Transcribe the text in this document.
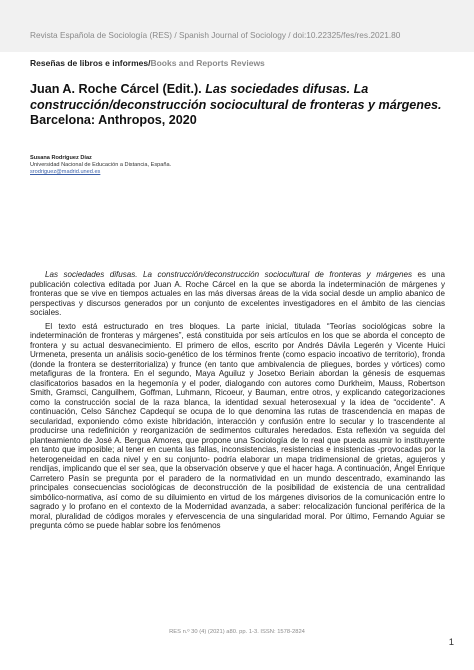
Revista Española de Sociología (RES) / Spanish Journal of Sociology / doi:10.22325/fes/res.2021.80
Reseñas de libros e informes/Books and Reports Reviews
Juan A. Roche Cárcel (Edit.). Las sociedades difusas. La construcción/deconstrucción sociocultural de fronteras y márgenes. Barcelona: Anthropos, 2020
Susana Rodríguez Díaz
Universidad Nacional de Educación a Distancia, España.
srodriguez@madrid.uned.es

Las sociedades difusas. La construcción/deconstrucción sociocultural de fronteras y márgenes es una publicación colectiva editada por Juan A. Roche Cárcel en la que se aborda la indeterminación de márgenes y fronteras que se vive en tiempos actuales en las más diversas áreas de la vida social desde un amplio abanico de perspectivas y discursos generados por un conjunto de excelentes investigadores en el ámbito de las ciencias sociales.

El texto está estructurado en tres bloques. La parte inicial, titulada “Teorías sociológicas sobre la indeterminación de fronteras y márgenes”, está constituida por seis artículos en los que se aborda el concepto de frontera y su actual desvanecimiento. El primero de ellos, escrito por Andrés Dávila Legerén y Vicente Huici Urmeneta, presenta un análisis socio-genético de los términos frente (como espacio incoativo de territorio), fronda (donde la frontera se desterritorializa) y frunce (en tanto que ambivalencia de pliegues, bordes y vórtices) como metafiguras de la frontera. En el segundo, Maya Aguiluz y Josetxo Beriain abordan la génesis de esquemas clasificatorios basados en la hegemonía y el poder, dialogando con autores como Durkheim, Mauss, Robertson Smith, Gramsci, Canguilhem, Goffman, Luhmann, Ricoeur, y Bauman, entre otros, y explicando categorizaciones como la construcción social de la raza blanca, la identidad sexual heterosexual y la idea de “occidente”. A continuación, Celso Sánchez Capdequí se ocupa de lo que denomina las rutas de trascendencia en mapas de secularidad, exponiendo cómo existe hibridación, interacción y confusión entre lo secular y lo trascendente al producirse una redefinición y reorganización de sedimentos culturales heredados. Esta reflexión va seguida del planteamiento de José A. Bergua Amores, que propone una Sociología de lo real que pueda asumir lo instituyente en tanto que imposible; al tener en cuenta las fallas, inconsistencias, resistencias e insistencias -provocadas por la heterogeneidad en cada nivel y en su conjunto- podría elaborar un mapa tridimensional de grietas, agujeros y rendijas, implicando que el ser sea, que la observación observe y que el hacer haga. A continuación, Ángel Enrique Carretero Pasín se pregunta por el paradero de la normatividad en un mundo descentrado, examinando las principales consecuencias sociológicas de deconstrucción de la posibilidad de existencia de una centralidad simbólico-normativa, así como de su diluimiento en virtud de los márgenes divisorios de la comunicación entre lo sagrado y lo profano en el contexto de la Modernidad avanzada, a saber: relocalización funcional periférica de la moral, pluralidad de códigos morales y efervescencia de una singularidad moral. Por último, Fernando Aguiar se pregunta cómo se puede hablar sobre los fenómenos

RES n.º 30 (4) (2021) a80. pp. 1-3. ISSN: 1578-2824
1
